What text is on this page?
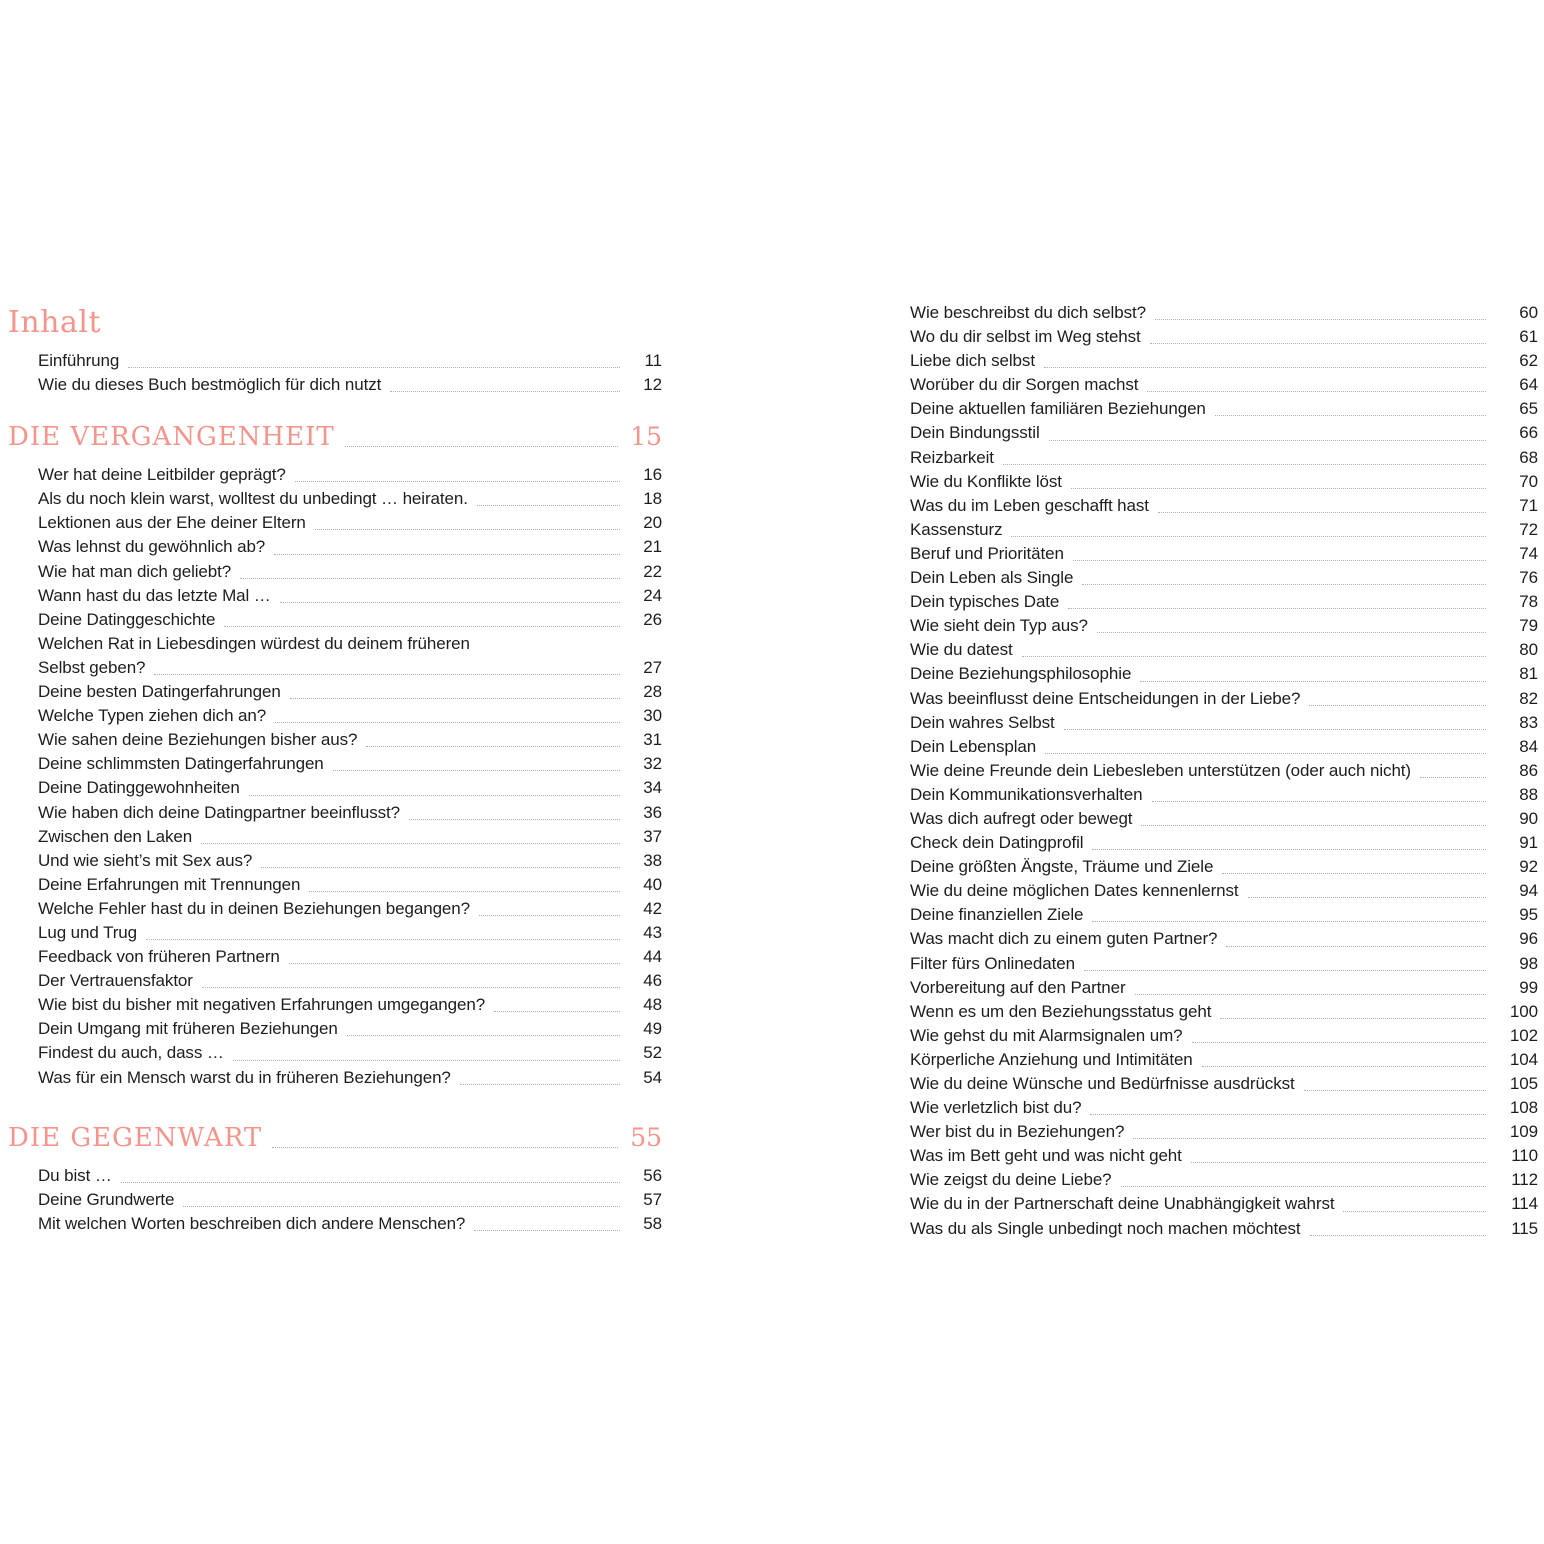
Inhalt
Einführung	11
Wie du dieses Buch bestmöglich für dich nutzt	12
DIE VERGANGENHEIT	15
Wer hat deine Leitbilder geprägt?	16
Als du noch klein warst, wolltest du unbedingt … heiraten.	18
Lektionen aus der Ehe deiner Eltern	20
Was lehnst du gewöhnlich ab?	21
Wie hat man dich geliebt?	22
Wann hast du das letzte Mal …	24
Deine Datinggeschichte	26
Welchen Rat in Liebesdingen würdest du deinem früheren
Selbst geben?	27
Deine besten Datingerfahrungen	28
Welche Typen ziehen dich an?	30
Wie sahen deine Beziehungen bisher aus?	31
Deine schlimmsten Datingerfahrungen	32
Deine Datinggewohnheiten	34
Wie haben dich deine Datingpartner beeinflusst?	36
Zwischen den Laken	37
Und wie sieht’s mit Sex aus?	38
Deine Erfahrungen mit Trennungen	40
Welche Fehler hast du in deinen Beziehungen begangen?	42
Lug und Trug	43
Feedback von früheren Partnern	44
Der Vertrauensfaktor	46
Wie bist du bisher mit negativen Erfahrungen umgegangen?	48
Dein Umgang mit früheren Beziehungen	49
Findest du auch, dass …	52
Was für ein Mensch warst du in früheren Beziehungen?	54
DIE GEGENWART	55
Du bist …	56
Deine Grundwerte	57
Mit welchen Worten beschreiben dich andere Menschen?	58
Wie beschreibst du dich selbst?	60
Wo du dir selbst im Weg stehst	61
Liebe dich selbst	62
Worüber du dir Sorgen machst	64
Deine aktuellen familiären Beziehungen	65
Dein Bindungsstil	66
Reizbarkeit	68
Wie du Konflikte löst	70
Was du im Leben geschafft hast	71
Kassensturz	72
Beruf und Prioritäten	74
Dein Leben als Single	76
Dein typisches Date	78
Wie sieht dein Typ aus?	79
Wie du datest	80
Deine Beziehungsphilosophie	81
Was beeinflusst deine Entscheidungen in der Liebe?	82
Dein wahres Selbst	83
Dein Lebensplan	84
Wie deine Freunde dein Liebesleben unterstützen (oder auch nicht)	86
Dein Kommunikationsverhalten	88
Was dich aufregt oder bewegt	90
Check dein Datingprofil	91
Deine größten Ängste, Träume und Ziele	92
Wie du deine möglichen Dates kennenlernst	94
Deine finanziellen Ziele	95
Was macht dich zu einem guten Partner?	96
Filter fürs Onlinedaten	98
Vorbereitung auf den Partner	99
Wenn es um den Beziehungsstatus geht	100
Wie gehst du mit Alarmsignalen um?	102
Körperliche Anziehung und Intimitäten	104
Wie du deine Wünsche und Bedürfnisse ausdrückst	105
Wie verletzlich bist du?	108
Wer bist du in Beziehungen?	109
Was im Bett geht und was nicht geht	110
Wie zeigst du deine Liebe?	112
Wie du in der Partnerschaft deine Unabhängigkeit wahrst	114
Was du als Single unbedingt noch machen möchtest	115
